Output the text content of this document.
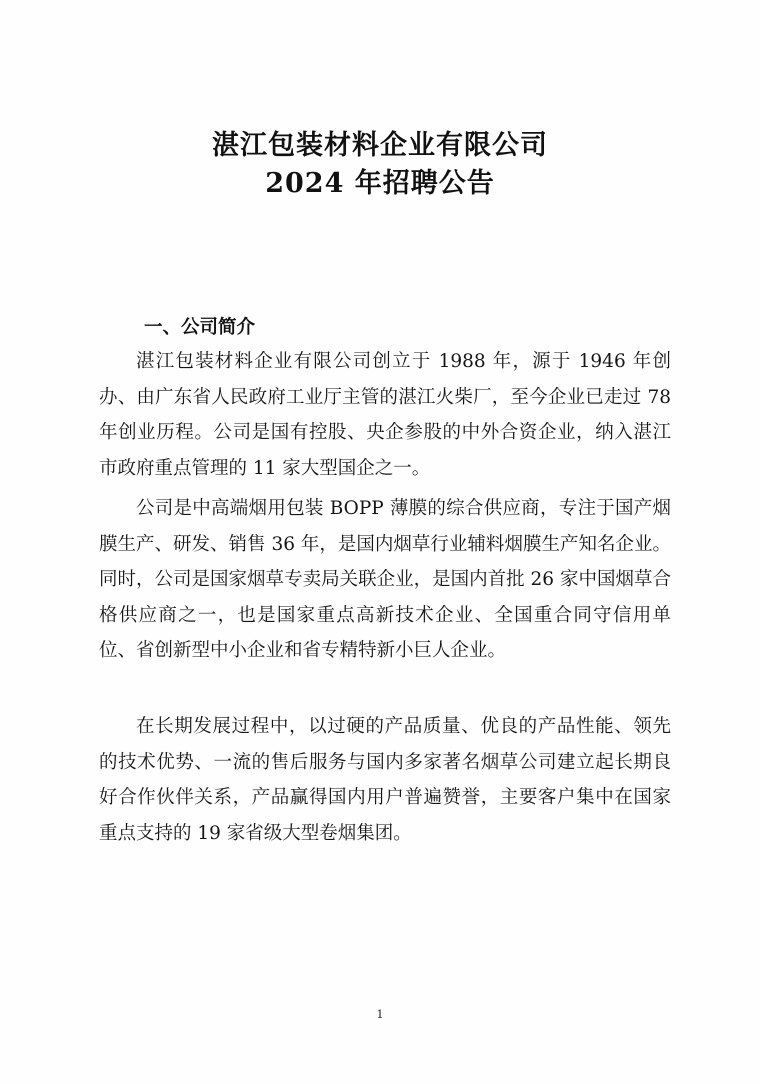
湛江包装材料企业有限公司
2024 年招聘公告
一、公司简介

湛江包装材料企业有限公司创立于 1988 年，源于 1946 年创办、由广东省人民政府工业厅主管的湛江火柴厂，至今企业已走过 78 年创业历程。公司是国有控股、央企参股的中外合资企业，纳入湛江市政府重点管理的 11 家大型国企之一。

公司是中高端烟用包装 BOPP 薄膜的综合供应商，专注于国产烟膜生产、研发、销售 36 年，是国内烟草行业辅料烟膜生产知名企业。同时，公司是国家烟草专卖局关联企业，是国内首批 26 家中国烟草合格供应商之一，也是国家重点高新技术企业、全国重合同守信用单位、省创新型中小企业和省专精特新小巨人企业。

在长期发展过程中，以过硬的产品质量、优良的产品性能、领先的技术优势、一流的售后服务与国内多家著名烟草公司建立起长期良好合作伙伴关系，产品赢得国内用户普遍赞誉，主要客户集中在国家重点支持的 19 家省级大型卷烟集团。

1
